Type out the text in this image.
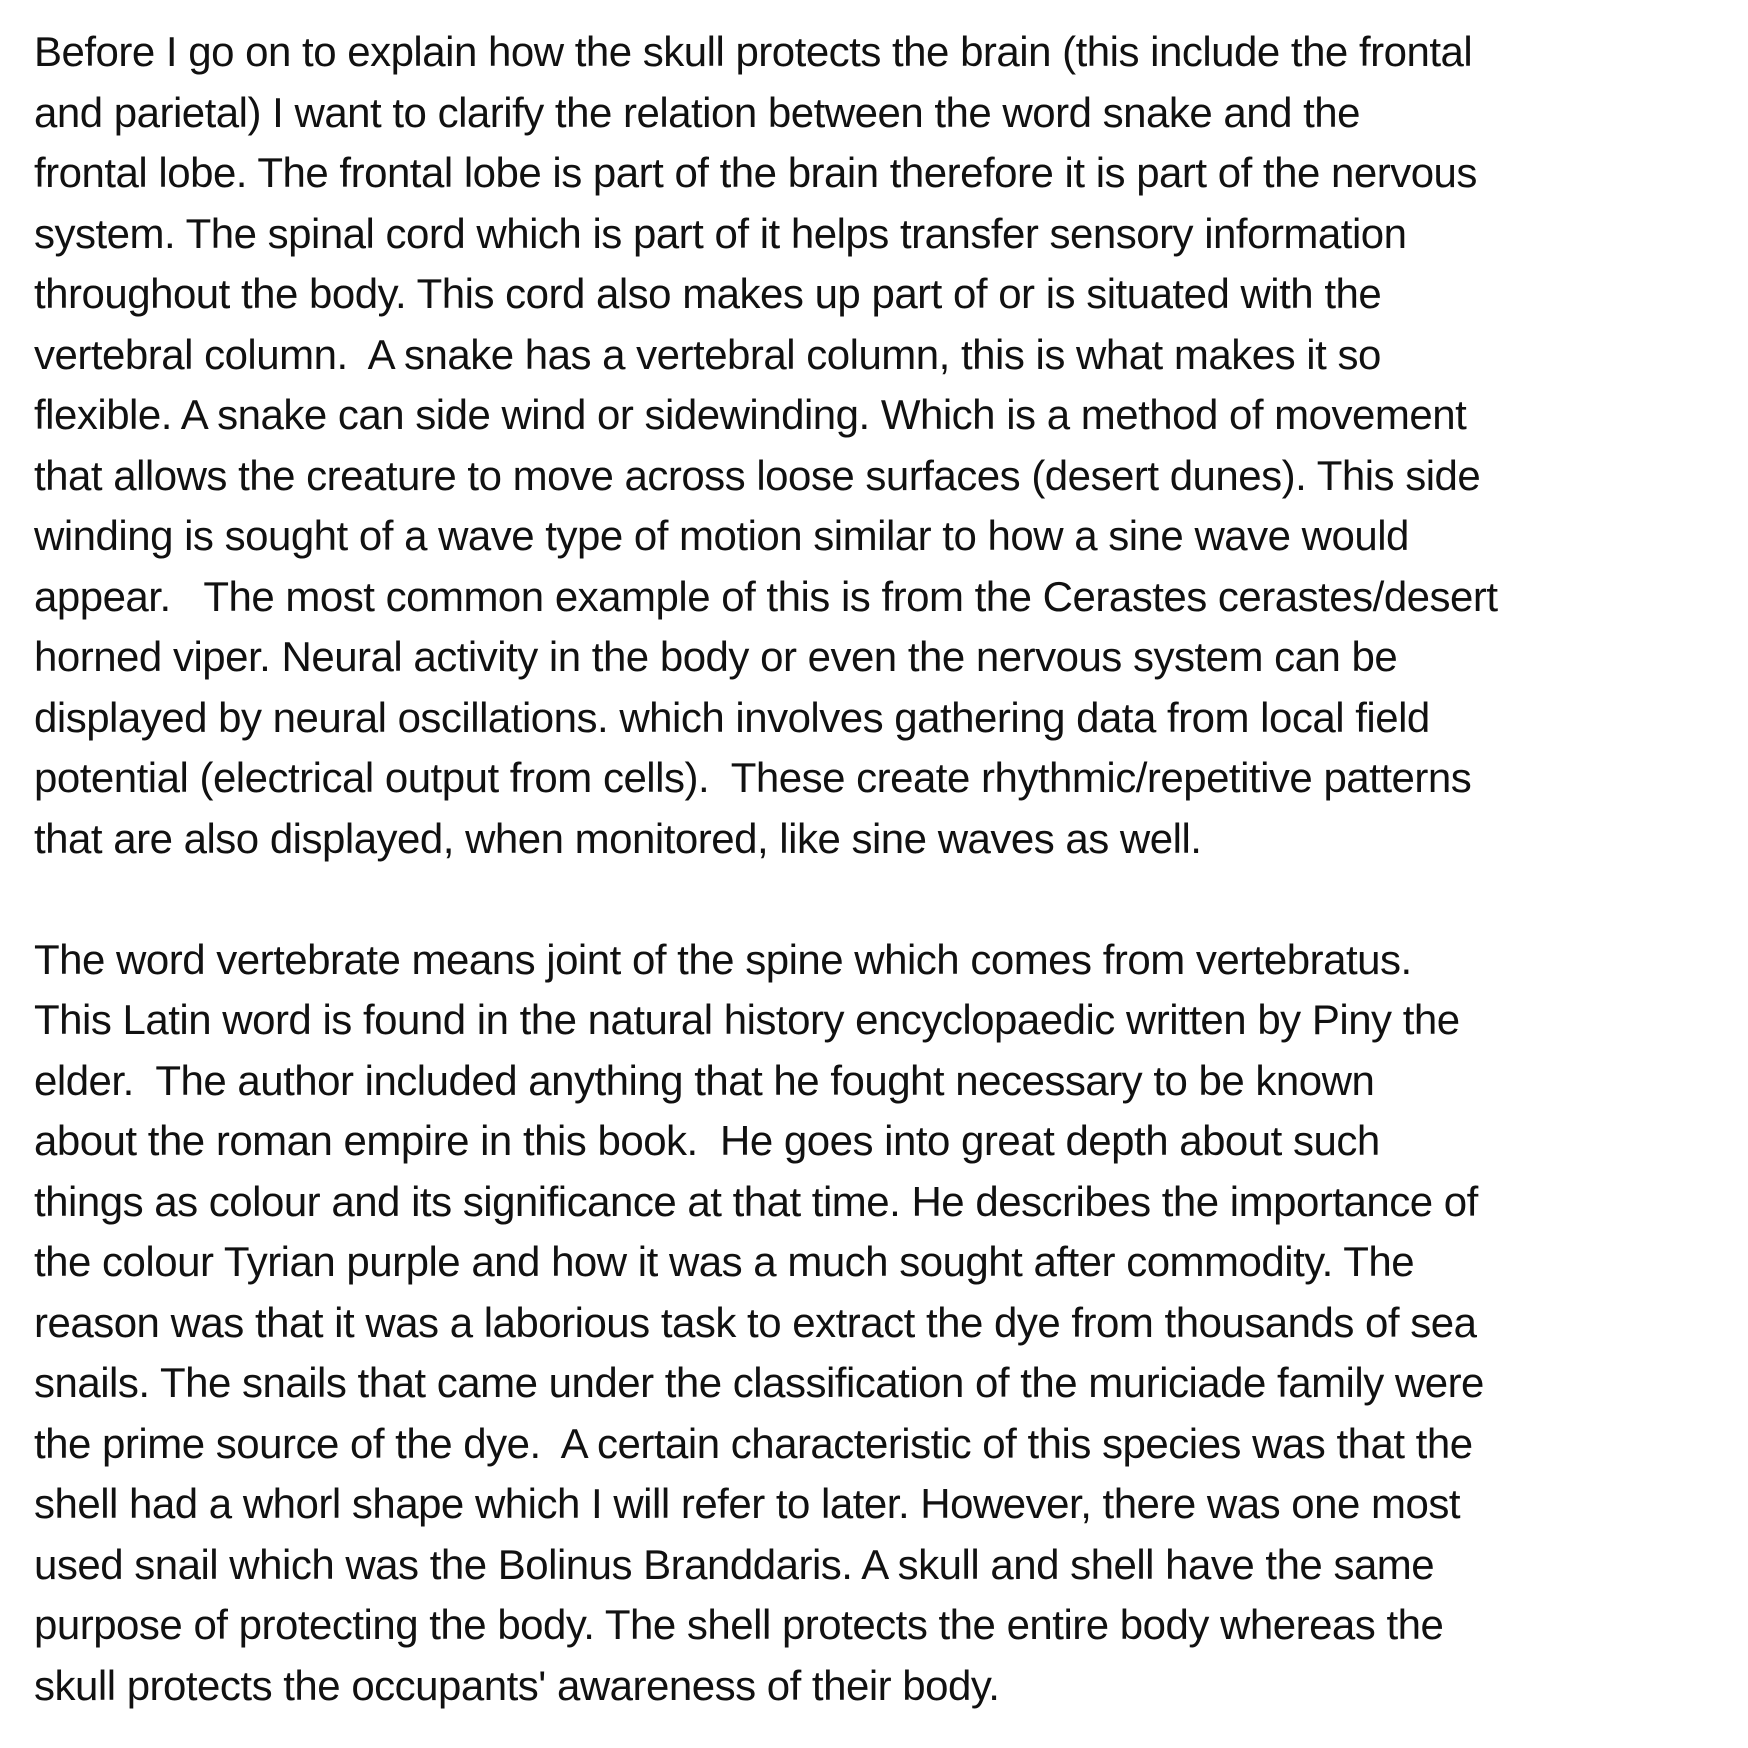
Before I go on to explain how the skull protects the brain (this include the frontal
and parietal) I want to clarify the relation between the word snake and the
frontal lobe. The frontal lobe is part of the brain therefore it is part of the nervous
system. The spinal cord which is part of it helps transfer sensory information
throughout the body. This cord also makes up part of or is situated with the
vertebral column.  A snake has a vertebral column, this is what makes it so
flexible. A snake can side wind or sidewinding. Which is a method of movement
that allows the creature to move across loose surfaces (desert dunes). This side
winding is sought of a wave type of motion similar to how a sine wave would
appear.   The most common example of this is from the Cerastes cerastes/desert
horned viper. Neural activity in the body or even the nervous system can be
displayed by neural oscillations. which involves gathering data from local field
potential (electrical output from cells).  These create rhythmic/repetitive patterns
that are also displayed, when monitored, like sine waves as well.
The word vertebrate means joint of the spine which comes from vertebratus.
This Latin word is found in the natural history encyclopaedic written by Piny the
elder.  The author included anything that he fought necessary to be known
about the roman empire in this book.  He goes into great depth about such
things as colour and its significance at that time. He describes the importance of
the colour Tyrian purple and how it was a much sought after commodity. The
reason was that it was a laborious task to extract the dye from thousands of sea
snails. The snails that came under the classification of the muriciade family were
the prime source of the dye.  A certain characteristic of this species was that the
shell had a whorl shape which I will refer to later. However, there was one most
used snail which was the Bolinus Branddaris. A skull and shell have the same
purpose of protecting the body. The shell protects the entire body whereas the
skull protects the occupants' awareness of their body.
